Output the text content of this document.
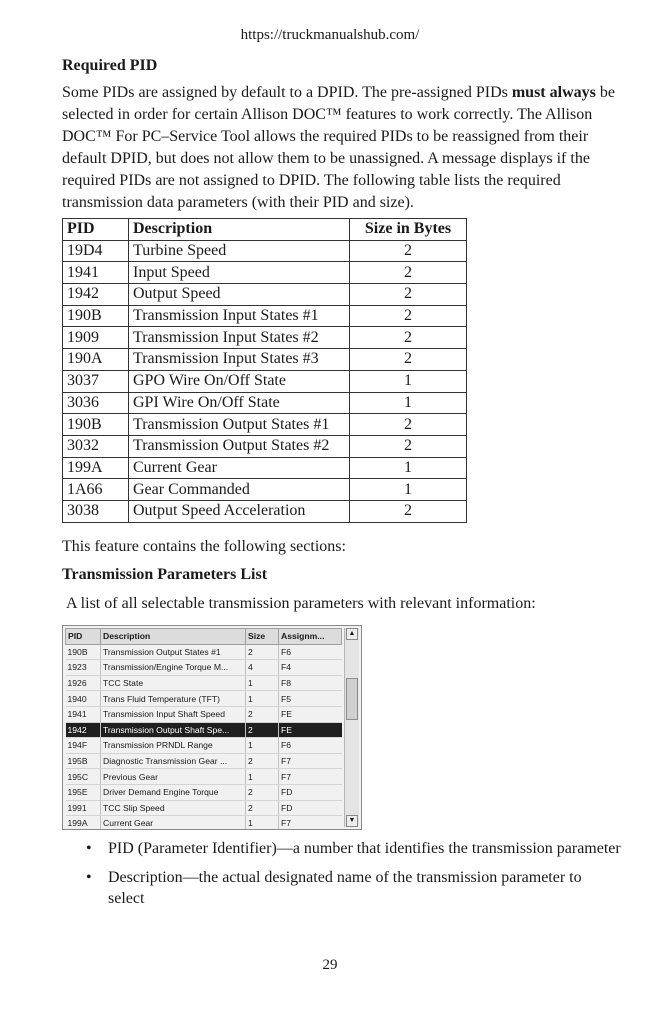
https://truckmanualshub.com/
Required PID

Some PIDs are assigned by default to a DPID. The pre-assigned PIDs must always be selected in order for certain Allison DOC™ features to work correctly. The Allison DOC™ For PC–Service Tool allows the required PIDs to be reassigned from their default DPID, but does not allow them to be unassigned. A message displays if the required PIDs are not assigned to DPID. The following table lists the required transmission data parameters (with their PID and size).

PID	Description	Size in Bytes
19D4	Turbine Speed	2
1941	Input Speed	2
1942	Output Speed	2
190B	Transmission Input States #1	2
1909	Transmission Input States #2	2
190A	Transmission Input States #3	2
3037	GPO Wire On/Off State	1
3036	GPI Wire On/Off State	1
190B	Transmission Output States #1	2
3032	Transmission Output States #2	2
199A	Current Gear	1
1A66	Gear Commanded	1
3038	Output Speed Acceleration	2
This feature contains the following sections:
Transmission Parameters List
A list of all selectable transmission parameters with relevant information:
PID	Description	Size	Assignm...
190B	Transmission Output States #1	2	F6
1923	Transmission/Engine Torque M...	4	F4
1926	TCC State	1	F8
1940	Trans Fluid Temperature (TFT)	1	F5
1941	Transmission Input Shaft Speed	2	FE
1942	Transmission Output Shaft Spe...	2	FE
194F	Transmission PRNDL Range	1	F6
195B	Diagnostic Transmission Gear ...	2	F7
195C	Previous Gear	1	F7
195E	Driver Demand Engine Torque	2	FD
1991	TCC Slip Speed	2	FD
199A	Current Gear	1	F7
▲
▼
• PID (Parameter Identifier)—a number that identifies the transmission parameter
• Description—the actual designated name of the transmission parameter to select
29
